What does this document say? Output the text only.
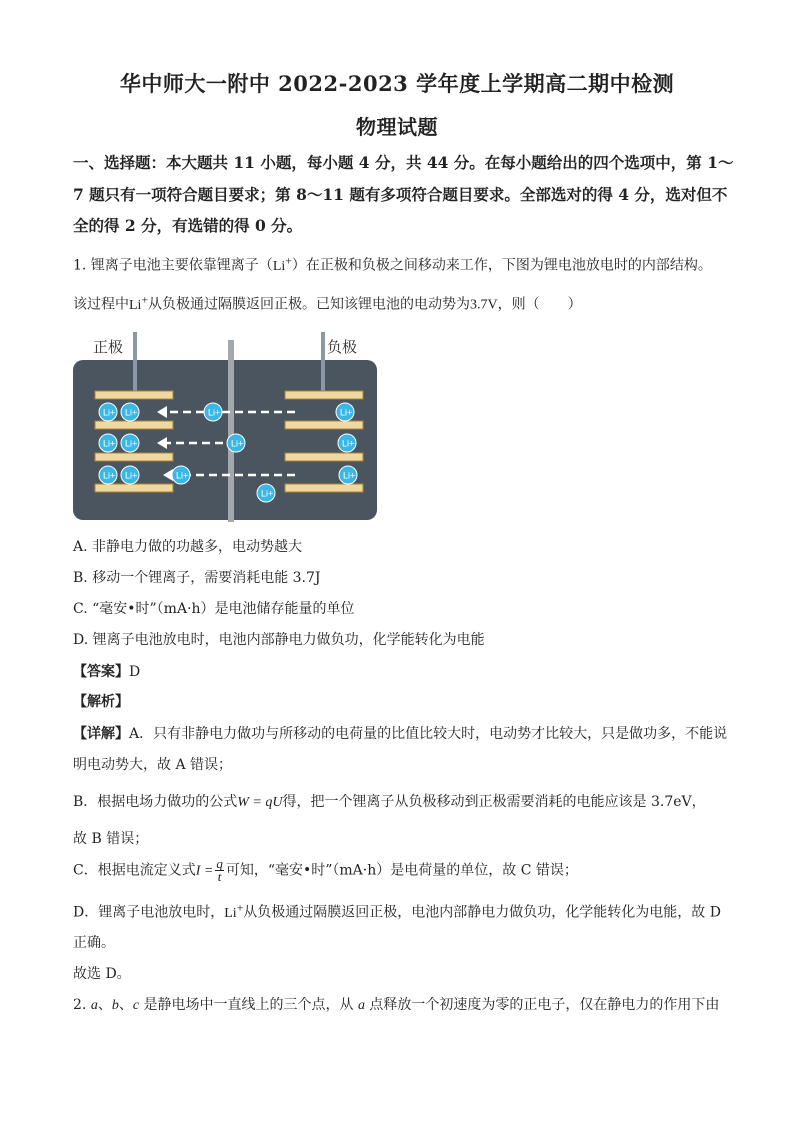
华中师大一附中 2022-2023 学年度上学期高二期中检测
物理试题
一、选择题：本大题共 11 小题，每小题 4 分，共 44 分。在每小题给出的四个选项中，第 1～
7 题只有一项符合题目要求；第 8～11 题有多项符合题目要求。全部选对的得 4 分，选对但不
全的得 2 分，有选错的得 0 分。
1. 锂离子电池主要依靠锂离子（Li+）在正极和负极之间移动来工作，下图为锂电池放电时的内部结构。
该过程中Li+从负极通过隔膜返回正极。已知该锂电池的电动势为3.7V，则（　　）
正极	负极
Li+ Li+	Li+	Li+
Li+ Li+	Li+	Li+
Li+ Li+	Li+	Li+
Li+
A. 非静电力做的功越多，电动势越大
B. 移动一个锂离子，需要消耗电能 3.7J
C. “毫安•时”（mA·h）是电池储存能量的单位
D. 锂离子电池放电时，电池内部静电力做负功，化学能转化为电能
【答案】D
【解析】
【详解】A．只有非静电力做功与所移动的电荷量的比值比较大时，电动势才比较大，只是做功多，不能说
明电动势大，故 A 错误；
B．根据电场力做功的公式W = qU得，把一个锂离子从负极移动到正极需要消耗的电能应该是 3.7eV，
故 B 错误；
C．根据电流定义式$I = \frac{q}{t}$ 可知，“毫安•时”（mA·h）是电荷量的单位，故 C 错误；
D．锂离子电池放电时，Li+从负极通过隔膜返回正极，电池内部静电力做负功，化学能转化为电能，故 D
正确。
故选 D。
2. a、b、c 是静电场中一直线上的三个点，从 a 点释放一个初速度为零的正电子，仅在静电力的作用下由
